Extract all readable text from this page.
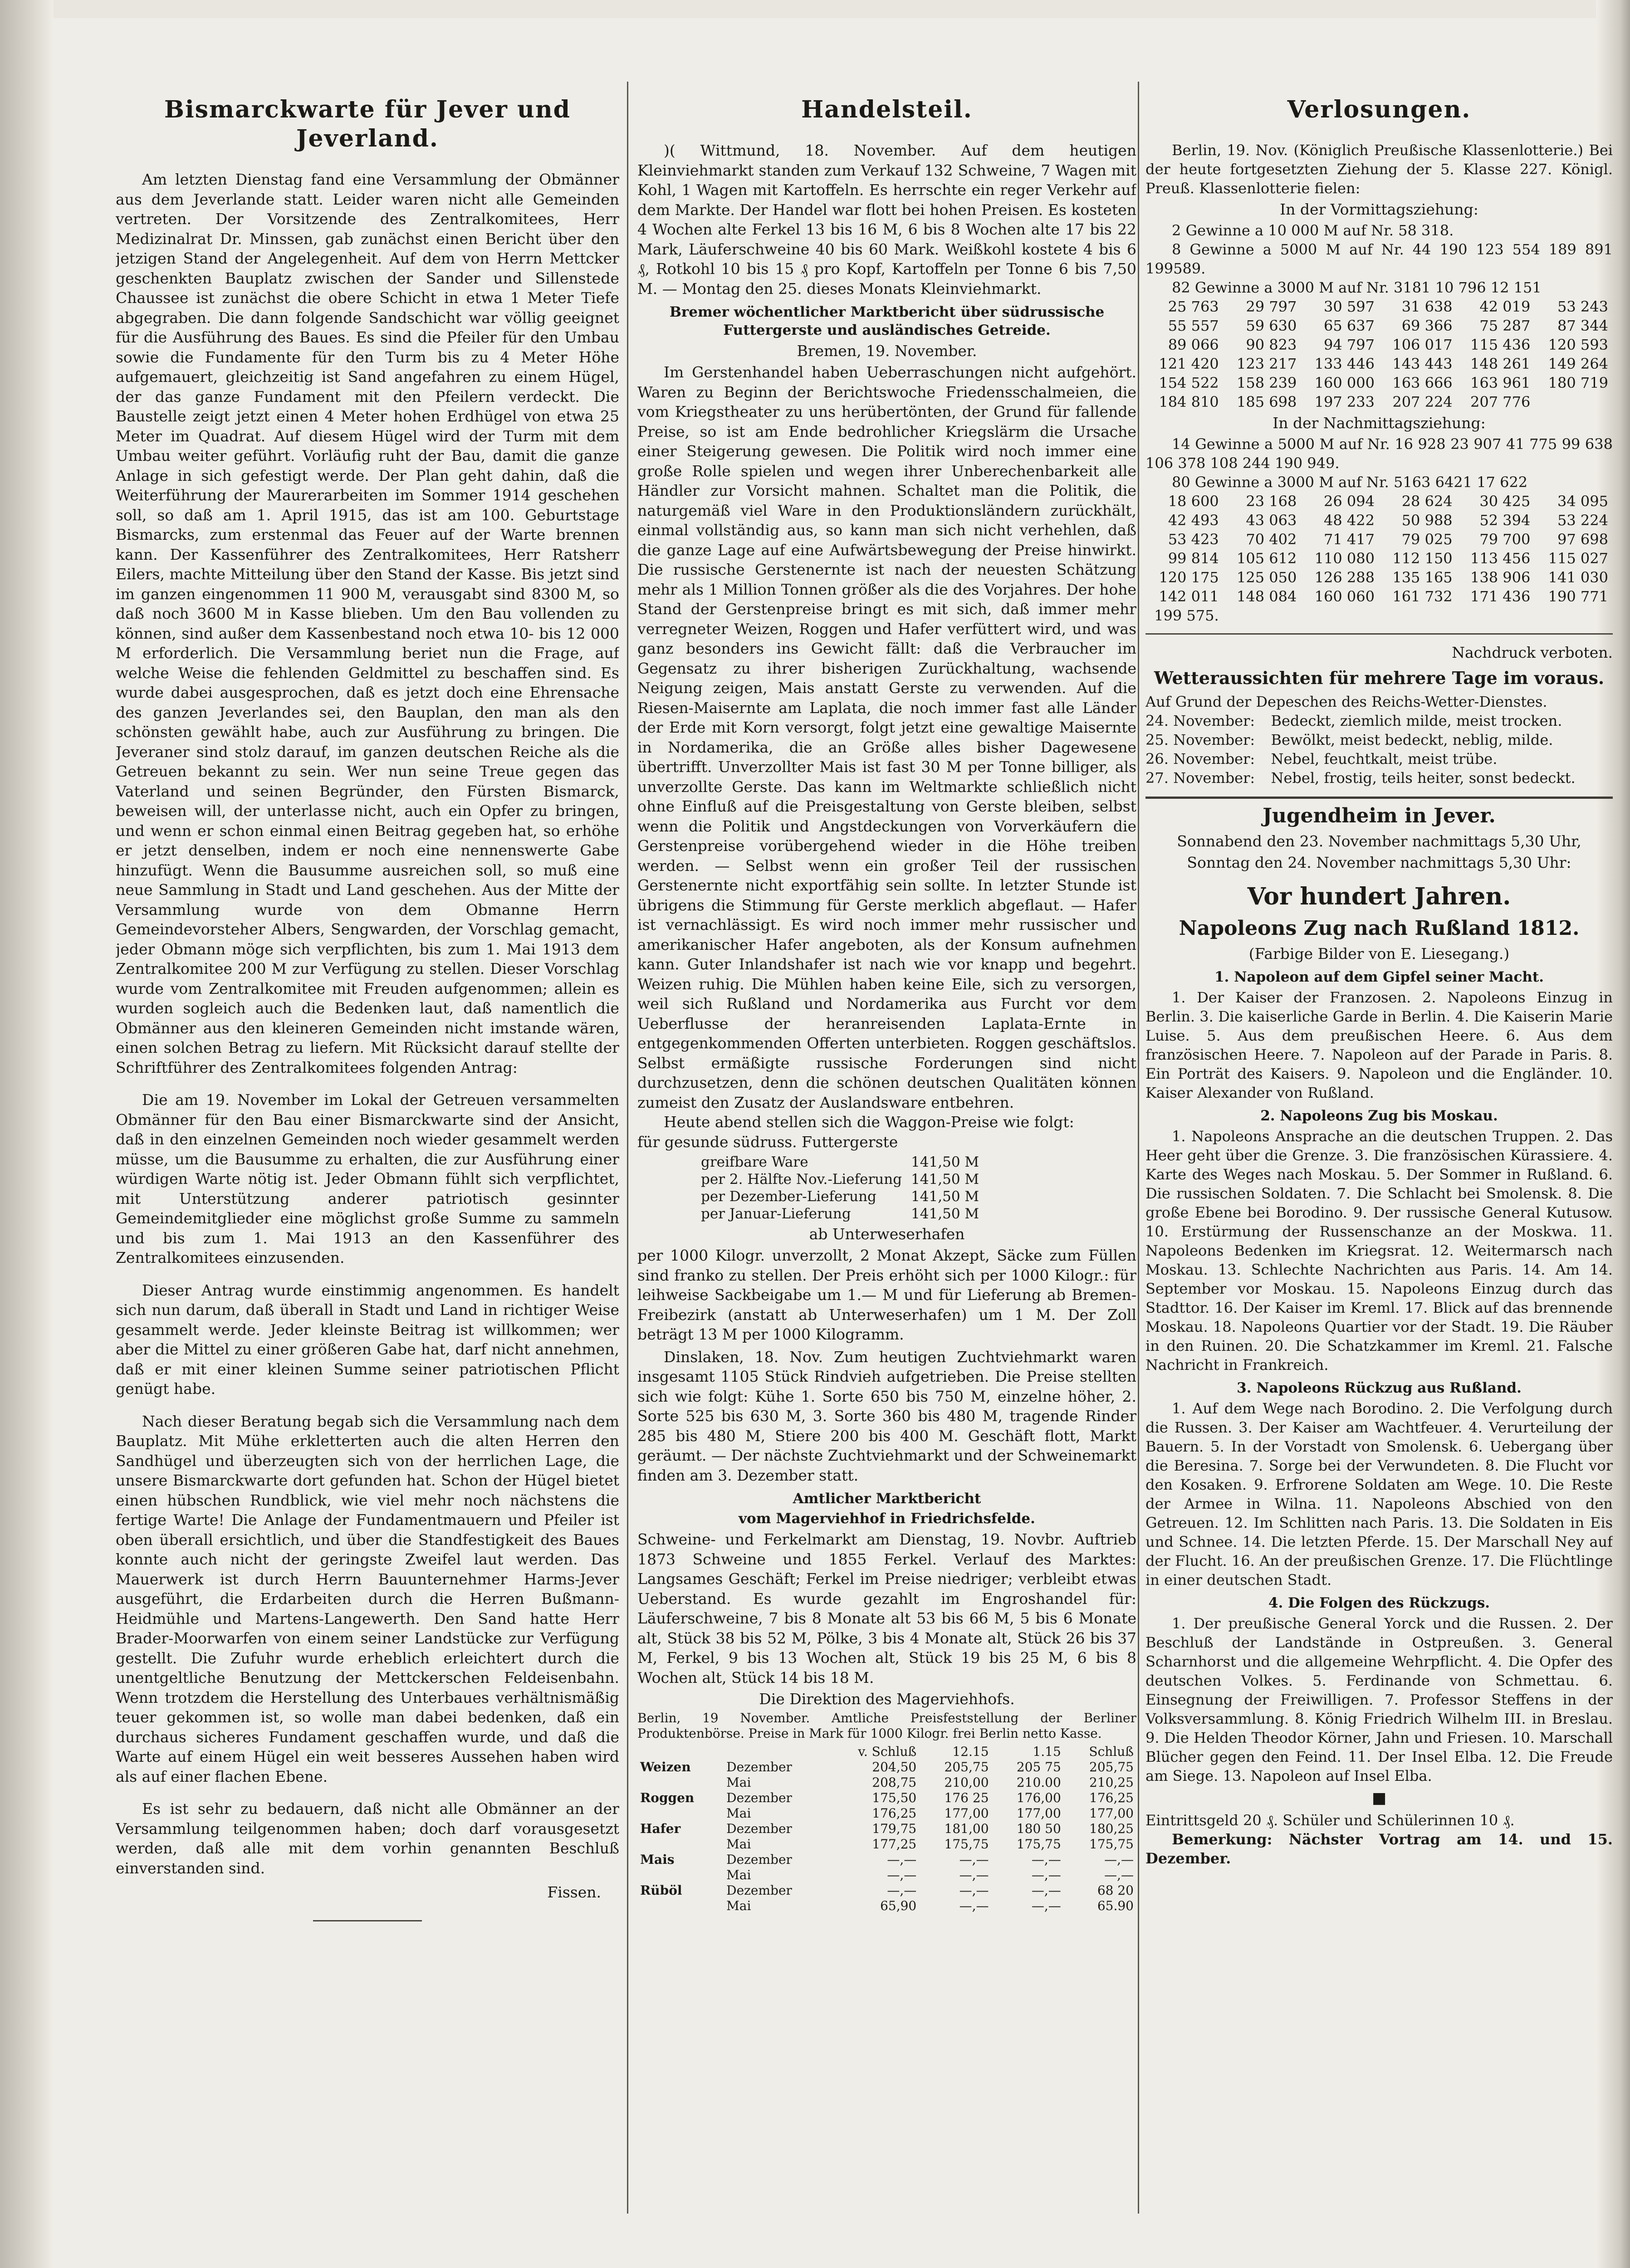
Bismarckwarte für Jever und Jeverland.

Am letzten Dienstag fand eine Versammlung der Obmänner aus dem Jeverlande statt. Leider waren nicht alle Gemeinden vertreten. Der Vorsitzende des Zentralkomitees, Herr Medizinalrat Dr. Minssen, gab zunächst einen Bericht über den jetzigen Stand der Angelegenheit. Auf dem von Herrn Mettcker geschenkten Bauplatz zwischen der Sander und Sillenstede Chaussee ist zunächst die obere Schicht in etwa 1 Meter Tiefe abgegraben. Die dann folgende Sandschicht war völlig geeignet für die Ausführung des Baues. Es sind die Pfeiler für den Umbau sowie die Fundamente für den Turm bis zu 4 Meter Höhe aufgemauert, gleichzeitig ist Sand angefahren zu einem Hügel, der das ganze Fundament mit den Pfeilern verdeckt. Die Baustelle zeigt jetzt einen 4 Meter hohen Erdhügel von etwa 25 Meter im Quadrat. Auf diesem Hügel wird der Turm mit dem Umbau weiter geführt. Vorläufig ruht der Bau, damit die ganze Anlage in sich gefestigt werde. Der Plan geht dahin, daß die Weiterführung der Maurerarbeiten im Sommer 1914 geschehen soll, so daß am 1. April 1915, das ist am 100. Geburtstage Bismarcks, zum erstenmal das Feuer auf der Warte brennen kann. Der Kassenführer des Zentralkomitees, Herr Ratsherr Eilers, machte Mitteilung über den Stand der Kasse. Bis jetzt sind im ganzen eingenommen 11 900 M, verausgabt sind 8300 M, so daß noch 3600 M in Kasse blieben. Um den Bau vollenden zu können, sind außer dem Kassenbestand noch etwa 10- bis 12 000 M erforderlich. Die Versammlung beriet nun die Frage, auf welche Weise die fehlenden Geldmittel zu beschaffen sind. Es wurde dabei ausgesprochen, daß es jetzt doch eine Ehrensache des ganzen Jeverlandes sei, den Bauplan, den man als den schönsten gewählt habe, auch zur Ausführung zu bringen. Die Jeveraner sind stolz darauf, im ganzen deutschen Reiche als die Getreuen bekannt zu sein. Wer nun seine Treue gegen das Vaterland und seinen Begründer, den Fürsten Bismarck, beweisen will, der unterlasse nicht, auch ein Opfer zu bringen, und wenn er schon einmal einen Beitrag gegeben hat, so erhöhe er jetzt denselben, indem er noch eine nennenswerte Gabe hinzufügt. Wenn die Bausumme ausreichen soll, so muß eine neue Sammlung in Stadt und Land geschehen. Aus der Mitte der Versammlung wurde von dem Obmanne Herrn Gemeindevorsteher Albers, Sengwarden, der Vorschlag gemacht, jeder Obmann möge sich verpflichten, bis zum 1. Mai 1913 dem Zentralkomitee 200 M zur Verfügung zu stellen. Dieser Vorschlag wurde vom Zentralkomitee mit Freuden aufgenommen; allein es wurden sogleich auch die Bedenken laut, daß namentlich die Obmänner aus den kleineren Gemeinden nicht imstande wären, einen solchen Betrag zu liefern. Mit Rücksicht darauf stellte der Schriftführer des Zentralkomitees folgenden Antrag:

Die am 19. November im Lokal der Getreuen versammelten Obmänner für den Bau einer Bismarckwarte sind der Ansicht, daß in den einzelnen Gemeinden noch wieder gesammelt werden müsse, um die Bausumme zu erhalten, die zur Ausführung einer würdigen Warte nötig ist. Jeder Obmann fühlt sich verpflichtet, mit Unterstützung anderer patriotisch gesinnter Gemeindemitglieder eine möglichst große Summe zu sammeln und bis zum 1. Mai 1913 an den Kassenführer des Zentralkomitees einzusenden.

Dieser Antrag wurde einstimmig angenommen. Es handelt sich nun darum, daß überall in Stadt und Land in richtiger Weise gesammelt werde. Jeder kleinste Beitrag ist willkommen; wer aber die Mittel zu einer größeren Gabe hat, darf nicht annehmen, daß er mit einer kleinen Summe seiner patriotischen Pflicht genügt habe.

Nach dieser Beratung begab sich die Versammlung nach dem Bauplatz. Mit Mühe erkletterten auch die alten Herren den Sandhügel und überzeugten sich von der herrlichen Lage, die unsere Bismarckwarte dort gefunden hat. Schon der Hügel bietet einen hübschen Rundblick, wie viel mehr noch nächstens die fertige Warte! Die Anlage der Fundamentmauern und Pfeiler ist oben überall ersichtlich, und über die Standfestigkeit des Baues konnte auch nicht der geringste Zweifel laut werden. Das Mauerwerk ist durch Herrn Bauunternehmer Harms-Jever ausgeführt, die Erdarbeiten durch die Herren Bußmann-Heidmühle und Martens-Langewerth. Den Sand hatte Herr Brader-Moorwarfen von einem seiner Landstücke zur Verfügung gestellt. Die Zufuhr wurde erheblich erleichtert durch die unentgeltliche Benutzung der Mettckerschen Feldeisenbahn. Wenn trotzdem die Herstellung des Unterbaues verhältnismäßig teuer gekommen ist, so wolle man dabei bedenken, daß ein durchaus sicheres Fundament geschaffen wurde, und daß die Warte auf einem Hügel ein weit besseres Aussehen haben wird als auf einer flachen Ebene.

Es ist sehr zu bedauern, daß nicht alle Obmänner an der Versammlung teilgenommen haben; doch darf vorausgesetzt werden, daß alle mit dem vorhin genannten Beschluß einverstanden sind.

Fissen.

Handelsteil.

)( Wittmund, 18. November. Auf dem heutigen Kleinviehmarkt standen zum Verkauf 132 Schweine, 7 Wagen mit Kohl, 1 Wagen mit Kartoffeln. Es herrschte ein reger Verkehr auf dem Markte. Der Handel war flott bei hohen Preisen. Es kosteten 4 Wochen alte Ferkel 13 bis 16 M, 6 bis 8 Wochen alte 17 bis 22 Mark, Läuferschweine 40 bis 60 Mark. Weißkohl kostete 4 bis 6 ₰, Rotkohl 10 bis 15 ₰ pro Kopf, Kartoffeln per Tonne 6 bis 7,50 M. — Montag den 25. dieses Monats Kleinviehmarkt.

Bremer wöchentlicher Marktbericht über südrussische Futtergerste und ausländisches Getreide.

Bremen, 19. November.

Im Gerstenhandel haben Ueberraschungen nicht aufgehört. Waren zu Beginn der Berichtswoche Friedensschalmeien, die vom Kriegstheater zu uns herübertönten, der Grund für fallende Preise, so ist am Ende bedrohlicher Kriegslärm die Ursache einer Steigerung gewesen. Die Politik wird noch immer eine große Rolle spielen und wegen ihrer Unberechenbarkeit alle Händler zur Vorsicht mahnen. Schaltet man die Politik, die naturgemäß viel Ware in den Produktionsländern zurückhält, einmal vollständig aus, so kann man sich nicht verhehlen, daß die ganze Lage auf eine Aufwärtsbewegung der Preise hinwirkt. Die russische Gerstenernte ist nach der neuesten Schätzung mehr als 1 Million Tonnen größer als die des Vorjahres. Der hohe Stand der Gerstenpreise bringt es mit sich, daß immer mehr verregneter Weizen, Roggen und Hafer verfüttert wird, und was ganz besonders ins Gewicht fällt: daß die Verbraucher im Gegensatz zu ihrer bisherigen Zurückhaltung, wachsende Neigung zeigen, Mais anstatt Gerste zu verwenden. Auf die Riesen-Maisernte am Laplata, die noch immer fast alle Länder der Erde mit Korn versorgt, folgt jetzt eine gewaltige Maisernte in Nordamerika, die an Größe alles bisher Dagewesene übertrifft. Unverzollter Mais ist fast 30 M per Tonne billiger, als unverzollte Gerste. Das kann im Weltmarkte schließlich nicht ohne Einfluß auf die Preisgestaltung von Gerste bleiben, selbst wenn die Politik und Angstdeckungen von Vorverkäufern die Gerstenpreise vorübergehend wieder in die Höhe treiben werden. — Selbst wenn ein großer Teil der russischen Gerstenernte nicht exportfähig sein sollte. In letzter Stunde ist übrigens die Stimmung für Gerste merklich abgeflaut. — Hafer ist vernachlässigt. Es wird noch immer mehr russischer und amerikanischer Hafer angeboten, als der Konsum aufnehmen kann. Guter Inlandshafer ist nach wie vor knapp und begehrt. Weizen ruhig. Die Mühlen haben keine Eile, sich zu versorgen, weil sich Rußland und Nordamerika aus Furcht vor dem Ueberflusse der heranreisenden Laplata-Ernte in entgegenkommenden Offerten unterbieten. Roggen geschäftslos. Selbst ermäßigte russische Forderungen sind nicht durchzusetzen, denn die schönen deutschen Qualitäten können zumeist den Zusatz der Auslandsware entbehren.

Heute abend stellen sich die Waggon-Preise wie folgt:

für gesunde südruss. Futtergerste

greifbare Ware	141,50 M
per 2. Hälfte Nov.-Lieferung	141,50 M
per Dezember-Lieferung	141,50 M
per Januar-Lieferung	141,50 M

ab Unterweserhafen

per 1000 Kilogr. unverzollt, 2 Monat Akzept, Säcke zum Füllen sind franko zu stellen. Der Preis erhöht sich per 1000 Kilogr.: für leihweise Sackbeigabe um 1.— M und für Lieferung ab Bremen-Freibezirk (anstatt ab Unterweserhafen) um 1 M. Der Zoll beträgt 13 M per 1000 Kilogramm.

Dinslaken, 18. Nov. Zum heutigen Zuchtviehmarkt waren insgesamt 1105 Stück Rindvieh aufgetrieben. Die Preise stellten sich wie folgt: Kühe 1. Sorte 650 bis 750 M, einzelne höher, 2. Sorte 525 bis 630 M, 3. Sorte 360 bis 480 M, tragende Rinder 285 bis 480 M, Stiere 200 bis 400 M. Geschäft flott, Markt geräumt. — Der nächste Zuchtviehmarkt und der Schweinemarkt finden am 3. Dezember statt.

Amtlicher Marktbericht
vom Magerviehhof in Friedrichsfelde.

Schweine- und Ferkelmarkt am Dienstag, 19. Novbr. Auftrieb 1873 Schweine und 1855 Ferkel. Verlauf des Marktes: Langsames Geschäft; Ferkel im Preise niedriger; verbleibt etwas Ueberstand. Es wurde gezahlt im Engroshandel für: Läuferschweine, 7 bis 8 Monate alt 53 bis 66 M, 5 bis 6 Monate alt, Stück 38 bis 52 M, Pölke, 3 bis 4 Monate alt, Stück 26 bis 37 M, Ferkel, 9 bis 13 Wochen alt, Stück 19 bis 25 M, 6 bis 8 Wochen alt, Stück 14 bis 18 M.

Die Direktion des Magerviehhofs.

Berlin, 19 November. Amtliche Preisfeststellung der Berliner Produktenbörse. Preise in Mark für 1000 Kilogr. frei Berlin netto Kasse.

		v. Schluß	12.15	1.15	Schluß
Weizen	Dezember	204,50	205,75	205 75	205,75
	Mai	208,75	210,00	210.00	210,25
Roggen	Dezember	175,50	176 25	176,00	176,25
	Mai	176,25	177,00	177,00	177,00
Hafer	Dezember	179,75	181,00	180 50	180,25
	Mai	177,25	175,75	175,75	175,75
Mais	Dezember	—,—	—,—	—,—	—,—
	Mai	—,—	—,—	—,—	—,—
Rüböl	Dezember	—,—	—,—	—,—	68 20
	Mai	65,90	—,—	—,—	65.90
Verlosungen.

Berlin, 19. Nov. (Königlich Preußische Klassenlotterie.) Bei der heute fortgesetzten Ziehung der 5. Klasse 227. Königl. Preuß. Klassenlotterie fielen:

In der Vormittagsziehung:

2 Gewinne a 10 000 M auf Nr. 58 318.

8 Gewinne a 5000 M auf Nr. 44 190 123 554 189 891 199589.

82 Gewinne a 3000 M auf Nr. 3181 10 796 12 151

25 763	29 797	30 597	31 638	42 019	53 243
55 557	59 630	65 637	69 366	75 287	87 344
89 066	90 823	94 797	106 017	115 436	120 593
121 420	123 217	133 446	143 443	148 261	149 264
154 522	158 239	160 000	163 666	163 961	180 719
184 810	185 698	197 233	207 224	207 776

In der Nachmittagsziehung:

14 Gewinne a 5000 M auf Nr. 16 928 23 907 41 775 99 638 106 378 108 244 190 949.

80 Gewinne a 3000 M auf Nr. 5163 6421 17 622

18 600	23 168	26 094	28 624	30 425	34 095
42 493	43 063	48 422	50 988	52 394	53 224
53 423	70 402	71 417	79 025	79 700	97 698
99 814	105 612	110 080	112 150	113 456	115 027
120 175	125 050	126 288	135 165	138 906	141 030
142 011	148 084	160 060	161 732	171 436	190 771
199 575.

Nachdruck verboten.

Wetteraussichten für mehrere Tage im voraus.

Auf Grund der Depeschen des Reichs-Wetter-Dienstes.

24. November:	Bedeckt, ziemlich milde, meist trocken.
25. November:	Bewölkt, meist bedeckt, neblig, milde.
26. November:	Nebel, feuchtkalt, meist trübe.
27. November:	Nebel, frostig, teils heiter, sonst bedeckt.
Jugendheim in Jever.

Sonnabend den 23. November nachmittags 5,30 Uhr,

Sonntag den 24. November nachmittags 5,30 Uhr:

Vor hundert Jahren.
Napoleons Zug nach Rußland 1812.

(Farbige Bilder von E. Liesegang.)

1. Napoleon auf dem Gipfel seiner Macht.

1. Der Kaiser der Franzosen. 2. Napoleons Einzug in Berlin. 3. Die kaiserliche Garde in Berlin. 4. Die Kaiserin Marie Luise. 5. Aus dem preußischen Heere. 6. Aus dem französischen Heere. 7. Napoleon auf der Parade in Paris. 8. Ein Porträt des Kaisers. 9. Napoleon und die Engländer. 10. Kaiser Alexander von Rußland.

2. Napoleons Zug bis Moskau.

1. Napoleons Ansprache an die deutschen Truppen. 2. Das Heer geht über die Grenze. 3. Die französischen Kürassiere. 4. Karte des Weges nach Moskau. 5. Der Sommer in Rußland. 6. Die russischen Soldaten. 7. Die Schlacht bei Smolensk. 8. Die große Ebene bei Borodino. 9. Der russische General Kutusow. 10. Erstürmung der Russenschanze an der Moskwa. 11. Napoleons Bedenken im Kriegsrat. 12. Weitermarsch nach Moskau. 13. Schlechte Nachrichten aus Paris. 14. Am 14. September vor Moskau. 15. Napoleons Einzug durch das Stadttor. 16. Der Kaiser im Kreml. 17. Blick auf das brennende Moskau. 18. Napoleons Quartier vor der Stadt. 19. Die Räuber in den Ruinen. 20. Die Schatzkammer im Kreml. 21. Falsche Nachricht in Frankreich.

3. Napoleons Rückzug aus Rußland.

1. Auf dem Wege nach Borodino. 2. Die Verfolgung durch die Russen. 3. Der Kaiser am Wachtfeuer. 4. Verurteilung der Bauern. 5. In der Vorstadt von Smolensk. 6. Uebergang über die Beresina. 7. Sorge bei der Verwundeten. 8. Die Flucht vor den Kosaken. 9. Erfrorene Soldaten am Wege. 10. Die Reste der Armee in Wilna. 11. Napoleons Abschied von den Getreuen. 12. Im Schlitten nach Paris. 13. Die Soldaten in Eis und Schnee. 14. Die letzten Pferde. 15. Der Marschall Ney auf der Flucht. 16. An der preußischen Grenze. 17. Die Flüchtlinge in einer deutschen Stadt.

4. Die Folgen des Rückzugs.

1. Der preußische General Yorck und die Russen. 2. Der Beschluß der Landstände in Ostpreußen. 3. General Scharnhorst und die allgemeine Wehrpflicht. 4. Die Opfer des deutschen Volkes. 5. Ferdinande von Schmettau. 6. Einsegnung der Freiwilligen. 7. Professor Steffens in der Volksversammlung. 8. König Friedrich Wilhelm III. in Breslau. 9. Die Helden Theodor Körner, Jahn und Friesen. 10. Marschall Blücher gegen den Feind. 11. Der Insel Elba. 12. Die Freude am Siege. 13. Napoleon auf Insel Elba.

■

Eintrittsgeld 20 ₰. Schüler und Schülerinnen 10 ₰.

Bemerkung: Nächster Vortrag am 14. und 15. Dezember.
